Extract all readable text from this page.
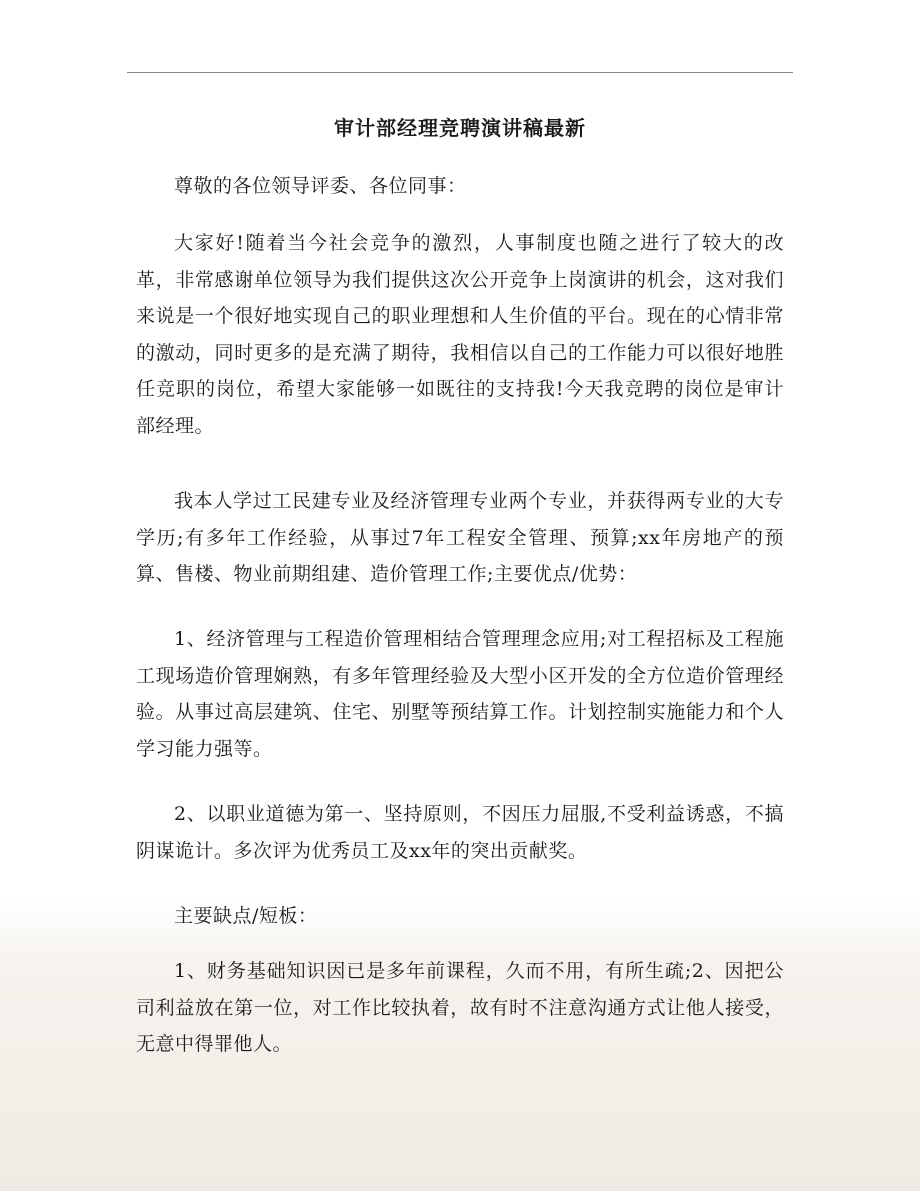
审计部经理竞聘演讲稿最新
尊敬的各位领导评委、各位同事：
大家好!随着当今社会竞争的激烈，人事制度也随之进行了较大的改革，非常感谢单位领导为我们提供这次公开竞争上岗演讲的机会，这对我们来说是一个很好地实现自己的职业理想和人生价值的平台。现在的心情非常的激动，同时更多的是充满了期待，我相信以自己的工作能力可以很好地胜任竞职的岗位，希望大家能够一如既往的支持我!今天我竞聘的岗位是审计部经理。
我本人学过工民建专业及经济管理专业两个专业，并获得两专业的大专学历;有多年工作经验，从事过7年工程安全管理、预算;xx年房地产的预算、售楼、物业前期组建、造价管理工作;主要优点/优势：
1、经济管理与工程造价管理相结合管理理念应用;对工程招标及工程施工现场造价管理娴熟，有多年管理经验及大型小区开发的全方位造价管理经验。从事过高层建筑、住宅、别墅等预结算工作。计划控制实施能力和个人学习能力强等。
2、以职业道德为第一、坚持原则，不因压力屈服,不受利益诱惑，不搞阴谋诡计。多次评为优秀员工及xx年的突出贡献奖。
主要缺点/短板：
1、财务基础知识因已是多年前课程，久而不用，有所生疏;2、因把公司利益放在第一位，对工作比较执着，故有时不注意沟通方式让他人接受，无意中得罪他人。
